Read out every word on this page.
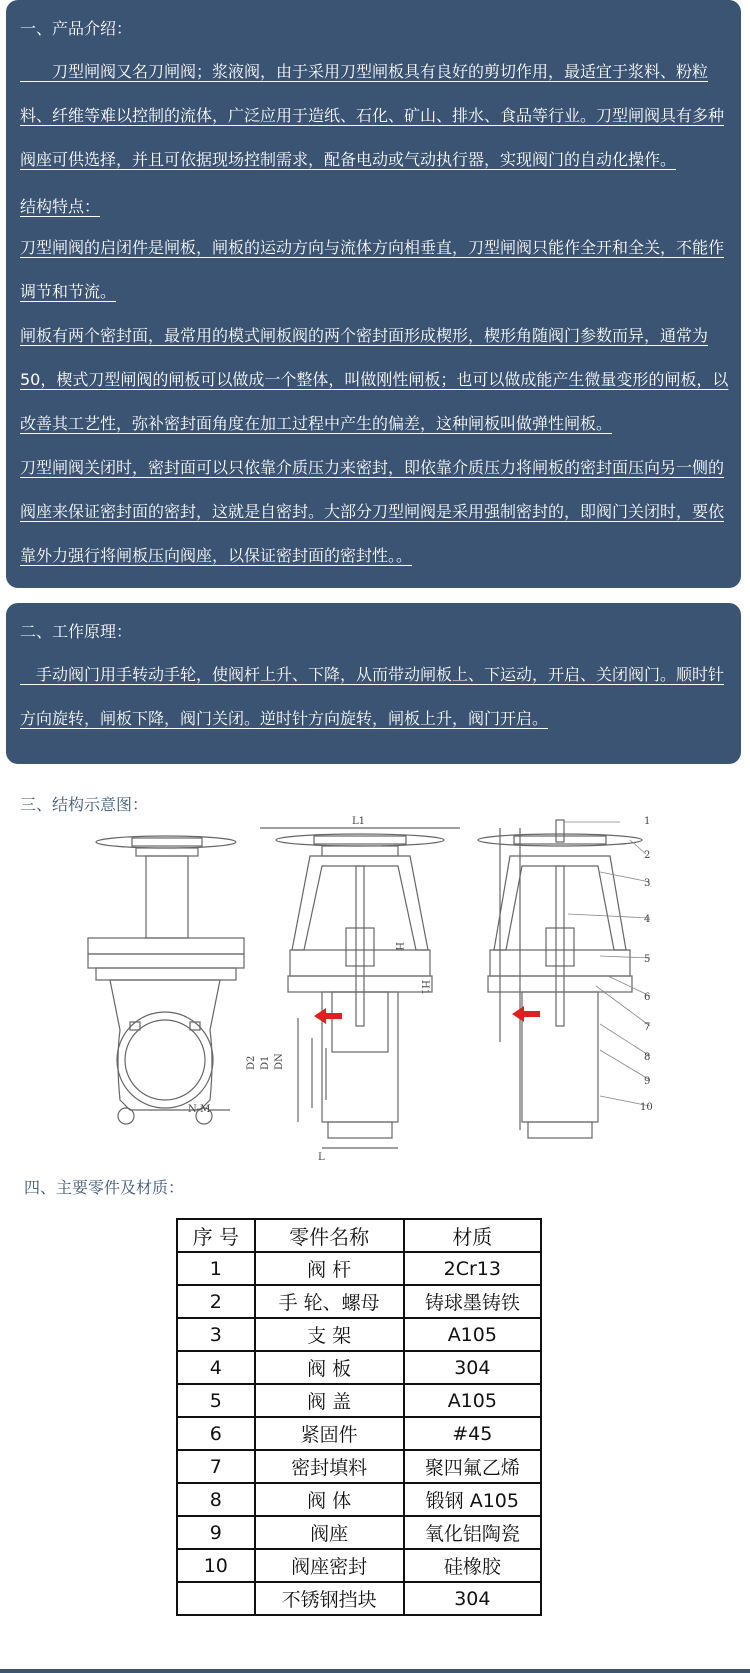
一、产品介绍：

　　刀型闸阀又名刀闸阀；浆液阀，由于采用刀型闸板具有良好的剪切作用，最适宜于浆料、粉粒料、纤维等难以控制的流体，广泛应用于造纸、石化、矿山、排水、食品等行业。刀型闸阀具有多种阀座可供选择，并且可依据现场控制需求，配备电动或气动执行器，实现阀门的自动化操作。

结构特点：

刀型闸阀的启闭件是闸板，闸板的运动方向与流体方向相垂直，刀型闸阀只能作全开和全关，不能作调节和节流。

闸板有两个密封面，最常用的模式闸板阀的两个密封面形成楔形，楔形角随阀门参数而异，通常为50，楔式刀型闸阀的闸板可以做成一个整体，叫做刚性闸板；也可以做成能产生微量变形的闸板，以改善其工艺性，弥补密封面角度在加工过程中产生的偏差，这种闸板叫做弹性闸板。

刀型闸阀关闭时，密封面可以只依靠介质压力来密封，即依靠介质压力将闸板的密封面压向另一侧的阀座来保证密封面的密封，这就是自密封。大部分刀型闸阀是采用强制密封的，即阀门关闭时，要依靠外力强行将闸板压向阀座，以保证密封面的密封性。。

二、工作原理：

　手动阀门用手转动手轮，使阀杆上升、下降，从而带动闸板上、下运动，开启、关闭阀门。顺时针方向旋转，闸板下降，阀门关闭。逆时针方向旋转，闸板上升，阀门开启。

三、结构示意图：

L1
H
H1
D2 D1 DN
L
N-M
1
2
3
4
5
6
7
8
9
10

四、主要零件及材质：

序 号	零件名称	材质
1	阀 杆	2Cr13
2	手 轮、螺母	铸球墨铸铁
3	支 架	A105
4	阀 板	304
5	阀 盖	A105
6	紧固件	#45
7	密封填料	聚四氟乙烯
8	阀 体	锻钢 A105
9	阀座	氧化铝陶瓷
10	阀座密封	硅橡胶
	不锈钢挡块	304
